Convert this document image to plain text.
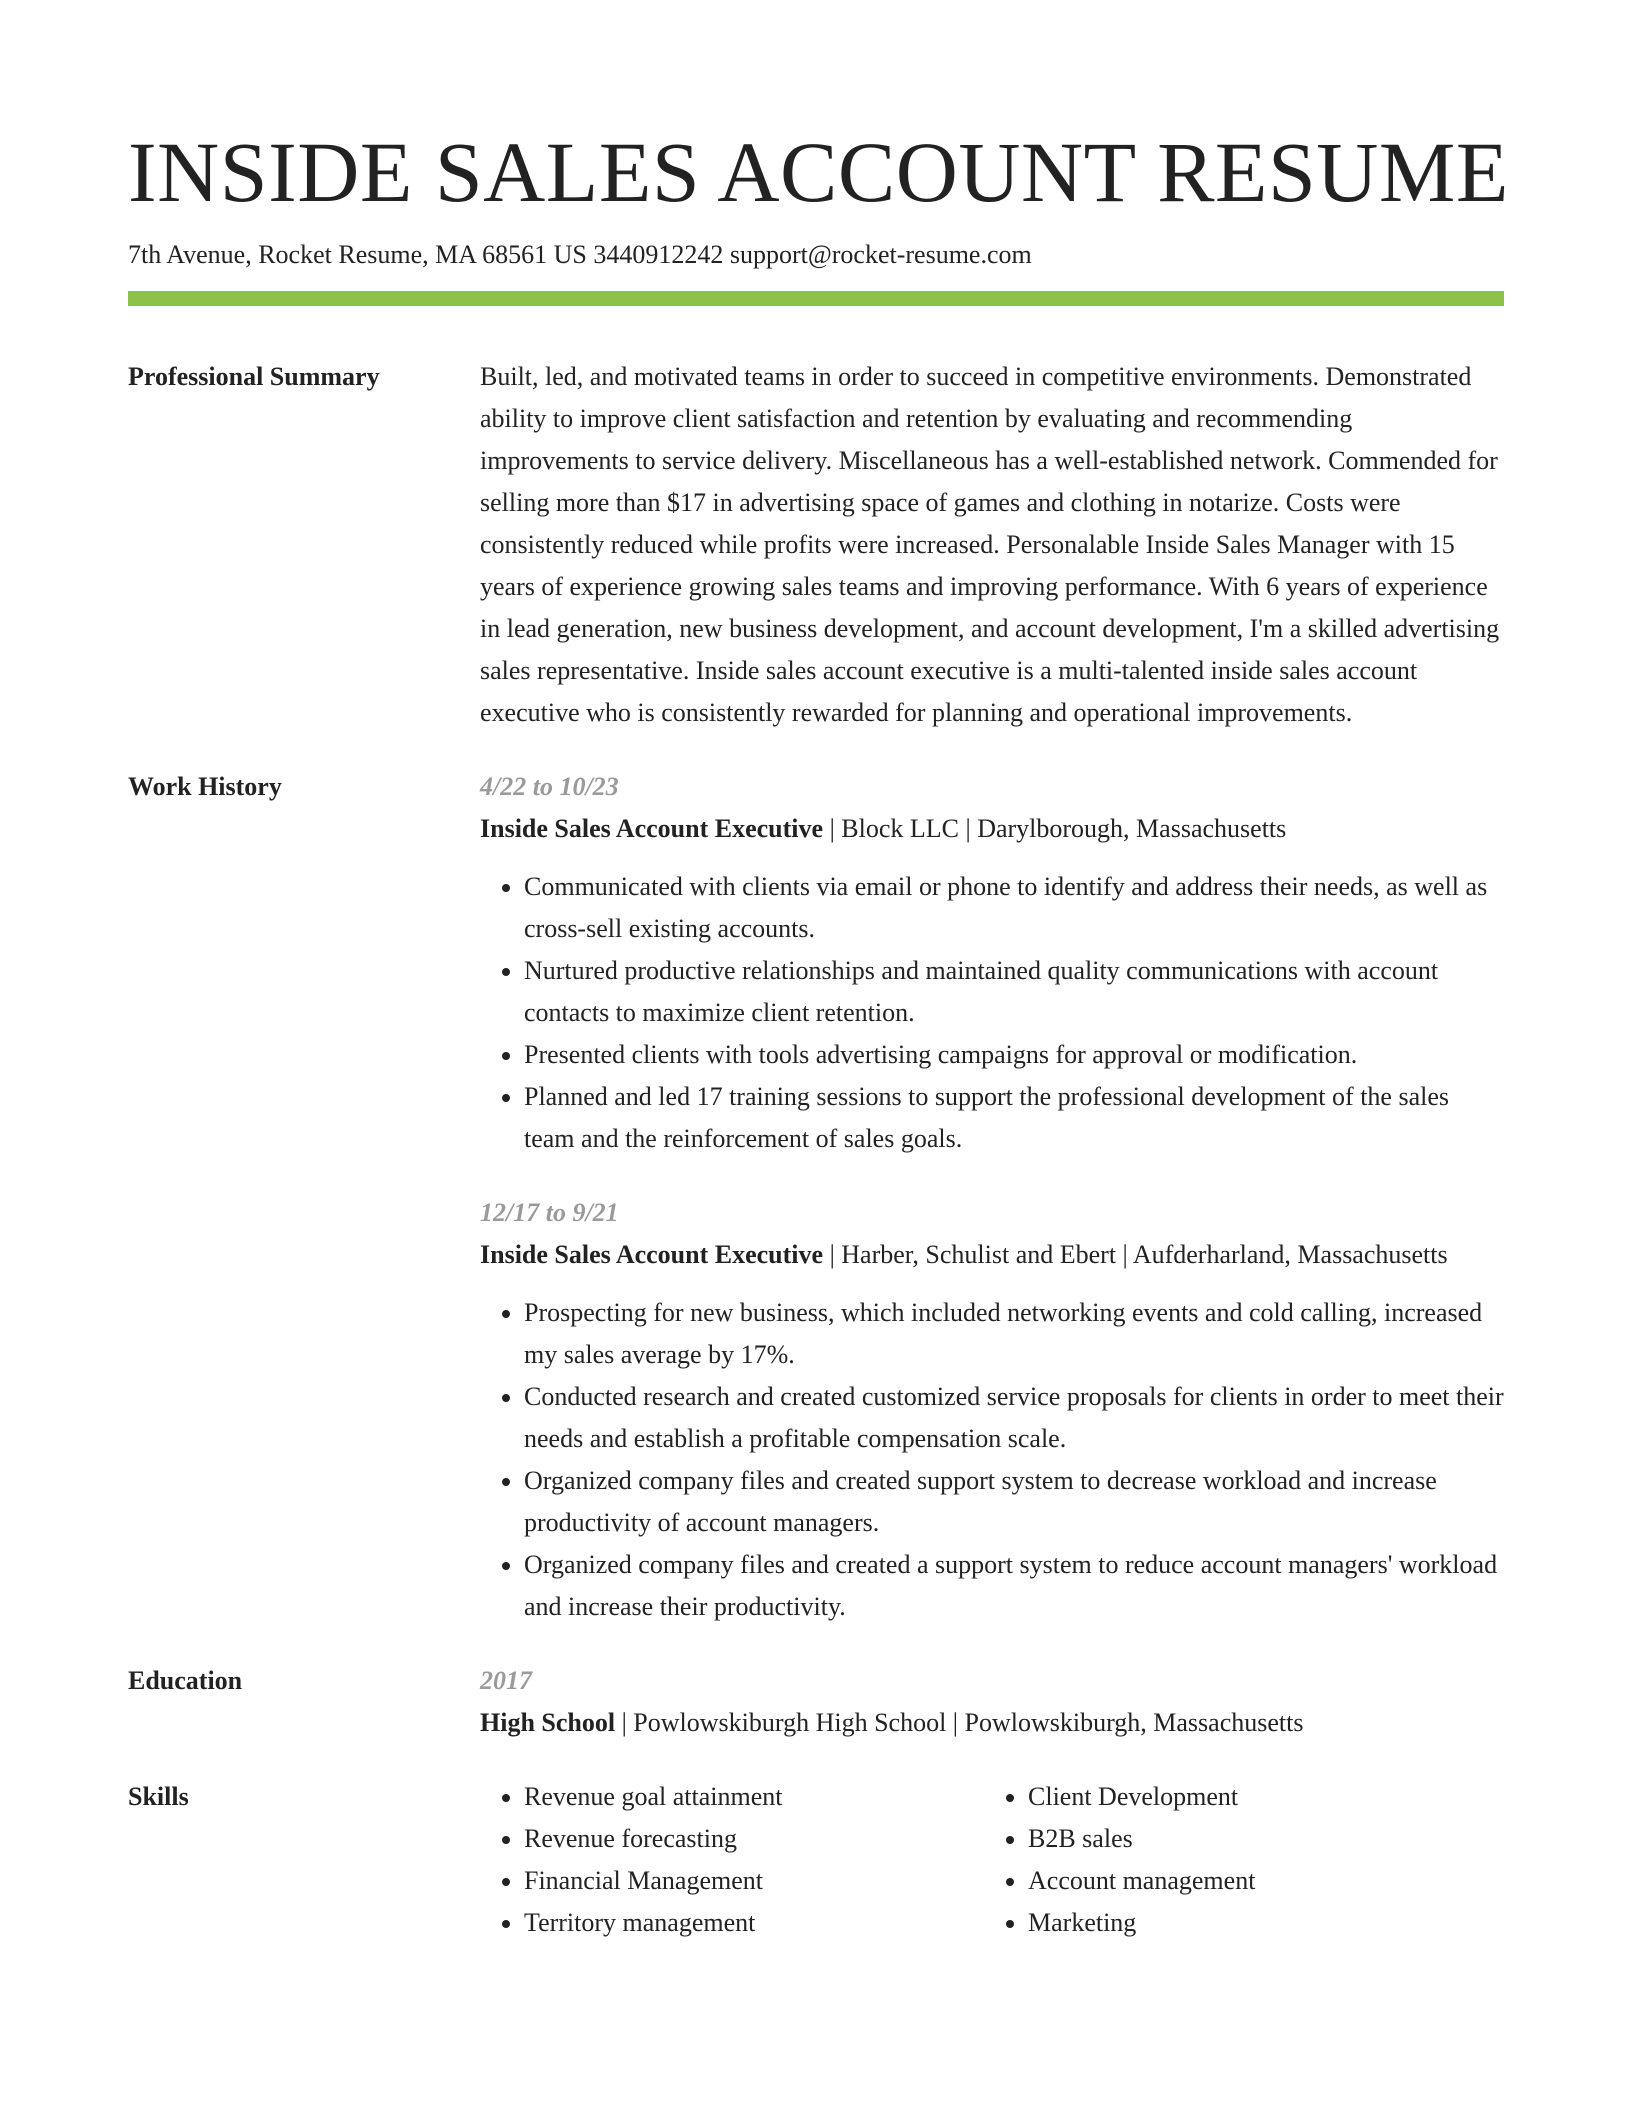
INSIDE SALES ACCOUNT RESUME
7th Avenue, Rocket Resume, MA 68561 US 3440912242 support@rocket-resume.com
Professional Summary	Built, led, and motivated teams in order to succeed in competitive environments. Demonstrated ability to improve client satisfaction and retention by evaluating and recommending improvements to service delivery. Miscellaneous has a well-established network. Commended for selling more than $17 in advertising space of games and clothing in notarize. Costs were consistently reduced while profits were increased. Personalable Inside Sales Manager with 15 years of experience growing sales teams and improving performance. With 6 years of experience in lead generation, new business development, and account development, I'm a skilled advertising sales representative. Inside sales account executive is a multi-talented inside sales account executive who is consistently rewarded for planning and operational improvements.
Work History	4/22 to 10/23
Inside Sales Account Executive | Block LLC | Darylborough, Massachusetts
• Communicated with clients via email or phone to identify and address their needs, as well as cross-sell existing accounts.
• Nurtured productive relationships and maintained quality communications with account contacts to maximize client retention.
• Presented clients with tools advertising campaigns for approval or modification.
• Planned and led 17 training sessions to support the professional development of the sales team and the reinforcement of sales goals.
12/17 to 9/21
Inside Sales Account Executive | Harber, Schulist and Ebert | Aufderharland, Massachusetts
• Prospecting for new business, which included networking events and cold calling, increased my sales average by 17%.
• Conducted research and created customized service proposals for clients in order to meet their needs and establish a profitable compensation scale.
• Organized company files and created support system to decrease workload and increase productivity of account managers.
• Organized company files and created a support system to reduce account managers' workload and increase their productivity.
Education	2017
High School | Powlowskiburgh High School | Powlowskiburgh, Massachusetts
Skills
•	Revenue goal attainment
• Revenue forecasting
• Financial Management
• Territory management
• Client Development
• B2B sales
• Account management
• Marketing
